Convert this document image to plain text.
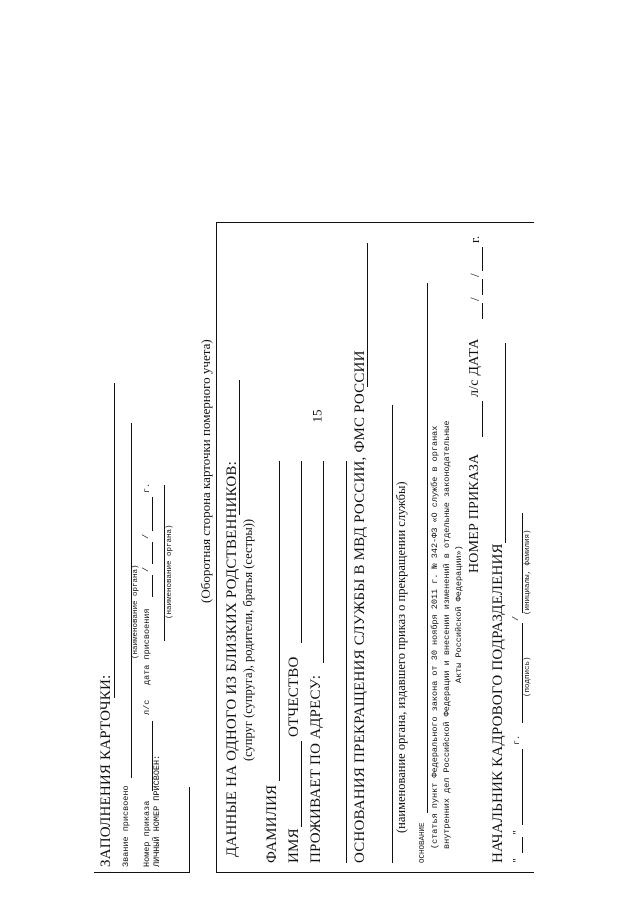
15
ЗАПОЛНЕНИЯ КАРТОЧКИ: Звание присвоено
(наименование органа)
Номер приказа
л/с
дата присвоения
/
/
г.
ЛИЧНЫЙ НОМЕР ПРИСВОЕН:
(наименование органа) (Оборотная сторона карточки померного учета) ДАННЫЕ НА ОДНОГО ИЗ БЛИЗКИХ РОДСТВЕННИКОВ: (супруг (супруга), родители, братья (сестры))
ФАМИЛИЯ ИМЯ
ОТЧЕСТВО ПРОЖИВАЕТ ПО АДРЕСУ: ОСНОВАНИЯ ПРЕКРАЩЕНИЯ СЛУЖБЫ В МВД РОССИИ, ФМС РОССИИ (наименование органа, издавшего приказ о прекращении службы)
ОСНОВАНИЕ (статья пункт Федерального закона от 30 ноября 2011 г. № 342-ФЗ «О службе в органах внутренних дел Российской Федерации и внесении изменений в отдельные законодательные Акты Российской Федерации»)
НОМЕР ПРИКАЗА
л/с ДАТА
/
/
г.
НАЧАЛЬНИК КАДРОВОГО ПОДРАЗДЕЛЕНИЯ "
"
г.
/
(подпись)
(инициалы, фамилия)
